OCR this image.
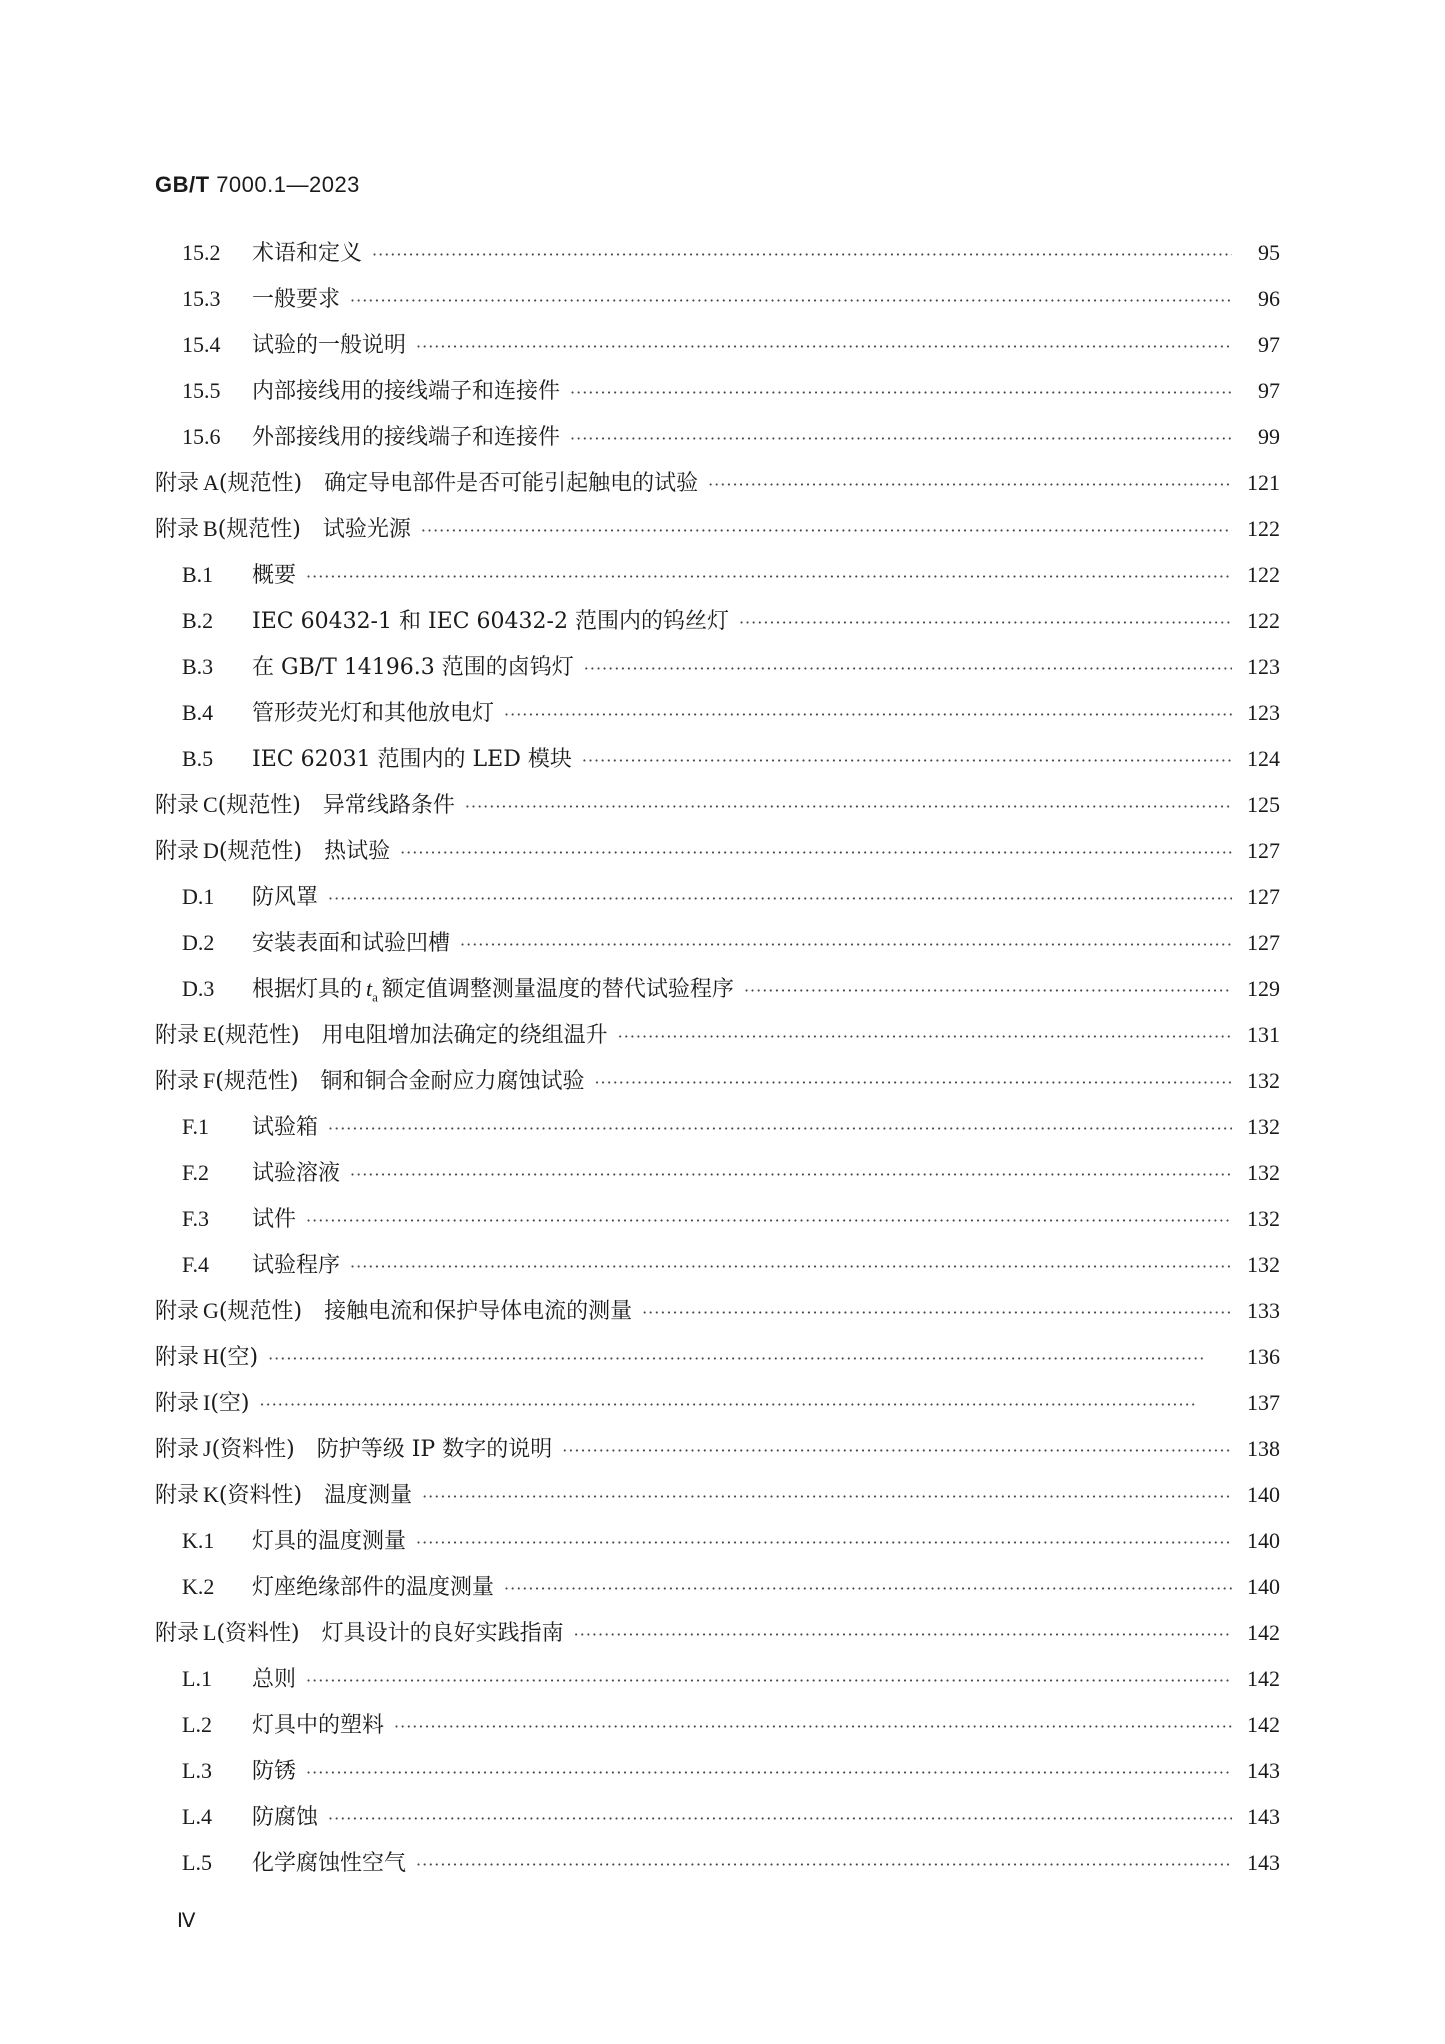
GB/T 7000.1—2023
15.2	术语和定义 ·····	95
15.3	一般要求 ·····	96
15.4	试验的一般说明 ·····	97
15.5	内部接线用的接线端子和连接件 ·····	97
15.6	外部接线用的接线端子和连接件 ·····	99
附录 A (规范性) 确定导电部件是否可能引起触电的试验 ·····	121
附录 B (规范性) 试验光源 ·····	122
B.1	概要 ·····	122
B.2	IEC 60432-1 和 IEC 60432-2 范围内的钨丝灯 ·····	122
B.3	在 GB/T 14196.3 范围的卤钨灯 ·····	123
B.4	管形荧光灯和其他放电灯 ·····	123
B.5	IEC 62031 范围内的 LED 模块 ·····	124
附录 C (规范性) 异常线路条件 ·····	125
附录 D (规范性) 热试验 ·····	127
D.1	防风罩 ·····	127
D.2	安装表面和试验凹槽 ·····	127
D.3	根据灯具的 $t_a$ 额定值调整测量温度的替代试验程序 ·····	129
附录 E (规范性) 用电阻增加法确定的绕组温升 ·····	131
附录 F (规范性) 铜和铜合金耐应力腐蚀试验 ·····	132
F.1	试验箱 ·····	132
F.2	试验溶液 ·····	132
F.3	试件 ·····	132
F.4	试验程序 ·····	132
附录 G (规范性) 接触电流和保护导体电流的测量 ·····	133
附录 H (空) ·····	136
附录 I (空) ·····	137
附录 J (资料性) 防护等级 IP 数字的说明 ·····	138
附录 K (资料性) 温度测量 ·····	140
K.1	灯具的温度测量 ·····	140
K.2	灯座绝缘部件的温度测量 ·····	140
附录 L (资料性) 灯具设计的良好实践指南 ·····	142
L.1	总则 ·····	142
L.2	灯具中的塑料 ·····	142
L.3	防锈 ·····	143
L.4	防腐蚀 ·····	143
L.5	化学腐蚀性空气 ·····	143
Ⅳ
